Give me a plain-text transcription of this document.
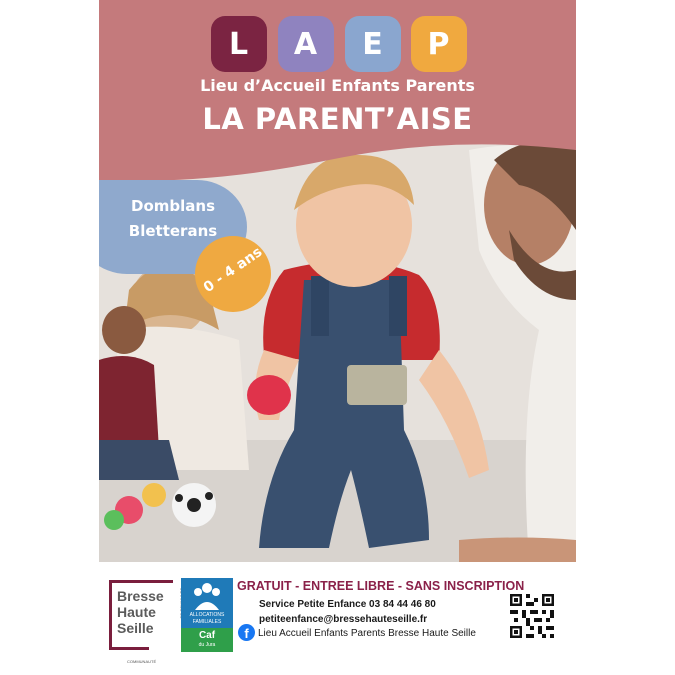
L	A	E	P
Lieu d’Accueil Enfants Parents
LA PARENT’AISE
Domblans
Bletterans
0 - 4 ans
Bresse
Haute
Seille
COMMUNAUTÉ
ALLOCATIONS FAMILIALES
Caf
du Jura
GRATUIT - ENTREE LIBRE - SANS INSCRIPTION
Service Petite Enfance 03 84 44 46 80
petiteenfance@bressehauteseille.fr
f Lieu Accueil Enfants Parents Bresse Haute Seille
